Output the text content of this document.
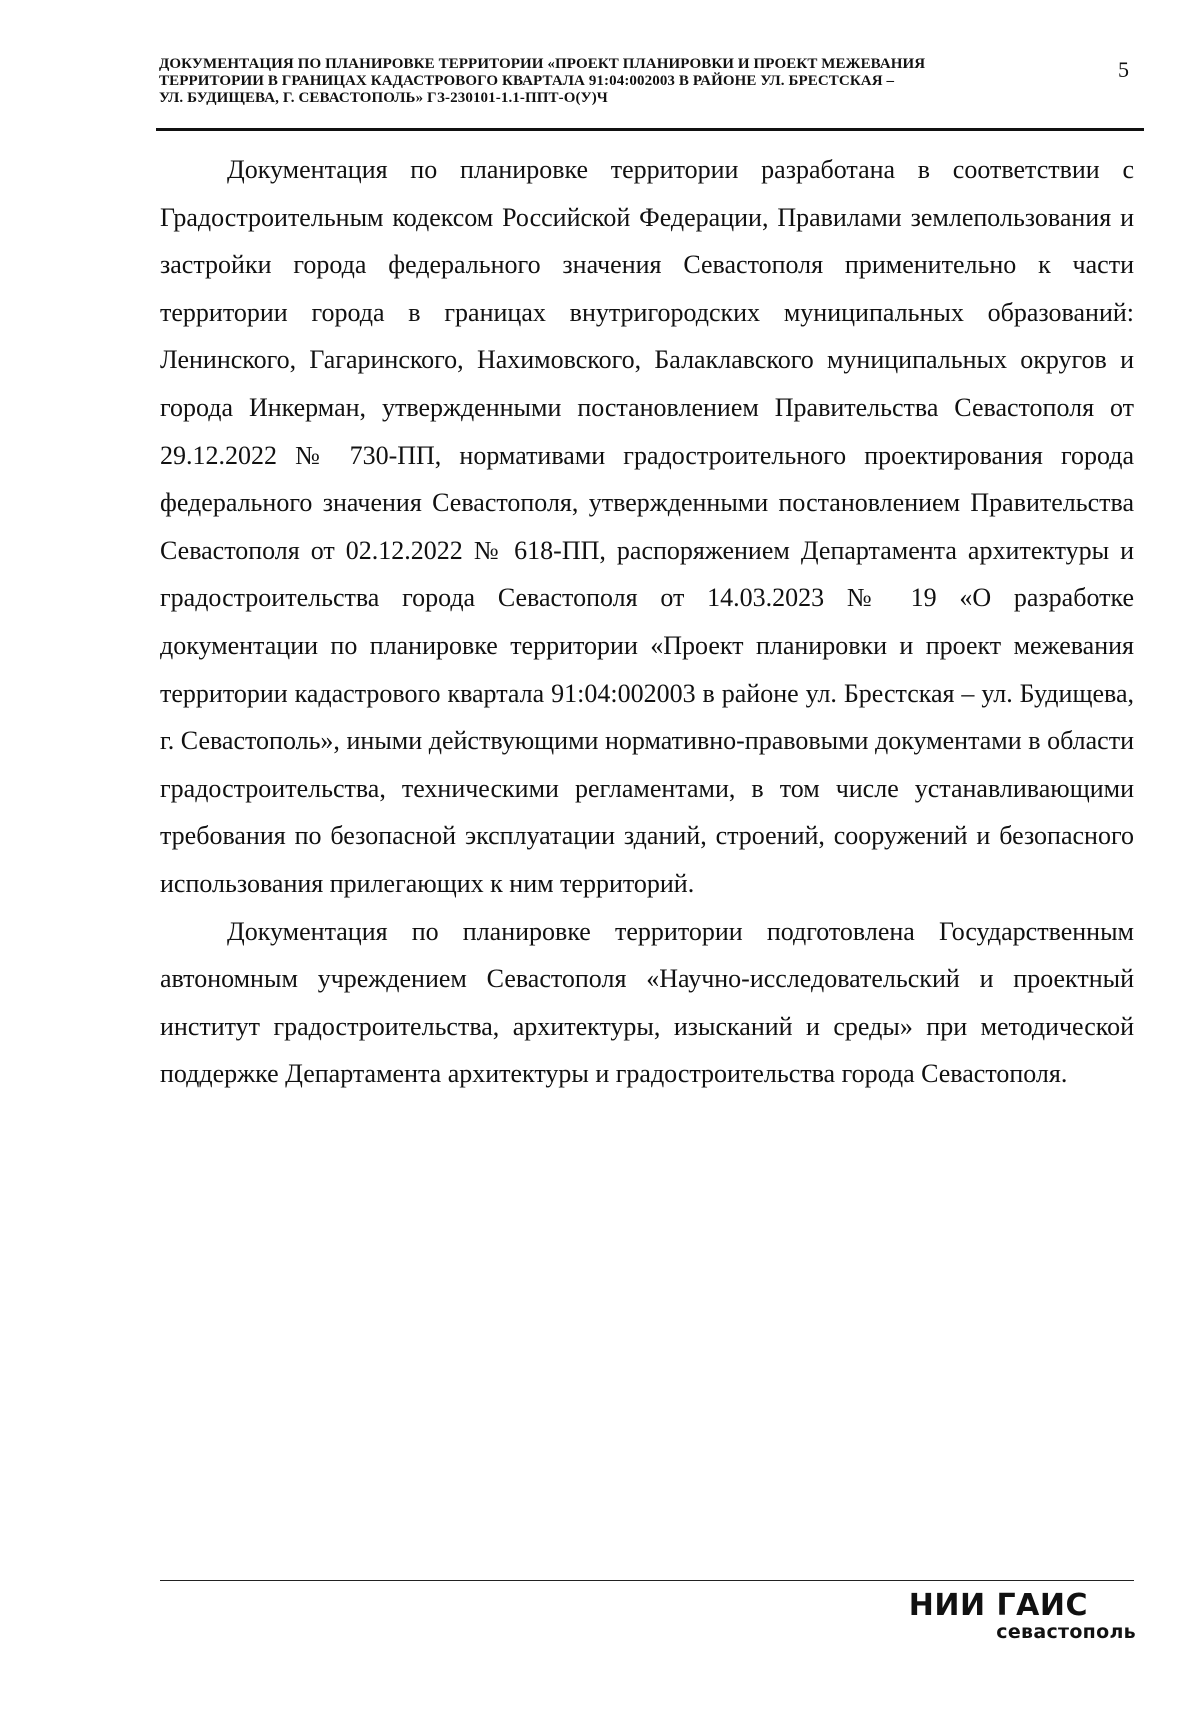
ДОКУМЕНТАЦИЯ ПО ПЛАНИРОВКЕ ТЕРРИТОРИИ «ПРОЕКТ ПЛАНИРОВКИ И ПРОЕКТ МЕЖЕВАНИЯ
ТЕРРИТОРИИ В ГРАНИЦАХ КАДАСТРОВОГО КВАРТАЛА 91:04:002003 В РАЙОНЕ УЛ. БРЕСТСКАЯ –
УЛ. БУДИЩЕВА, Г. СЕВАСТОПОЛЬ» ГЗ-230101-1.1-ППТ-О(У)Ч
5

Документация по планировке территории разработана в соответствии с Градостроительным кодексом Российской Федерации, Правилами землепользования и застройки города федерального значения Севастополя применительно к части территории города в границах внутригородских муниципальных образований: Ленинского, Гагаринского, Нахимовского, Балаклавского муниципальных округов и города Инкерман, утвержденными постановлением Правительства Севастополя от 29.12.2022 № 730-ПП, нормативами градостроительного проектирования города федерального значения Севастополя, утвержденными постановлением Правительства Севастополя от 02.12.2022 № 618-ПП, распоряжением Департамента архитектуры и градостроительства города Севастополя от 14.03.2023 № 19 «О разработке документации по планировке территории «Проект планировки и проект межевания территории кадастрового квартала 91:04:002003 в районе ул. Брестская – ул. Будищева, г. Севастополь», иными действующими нормативно-правовыми документами в области градостроительства, техническими регламентами, в том числе устанавливающими требования по безопасной эксплуатации зданий, строений, сооружений и безопасного использования прилегающих к ним территорий.

Документация по планировке территории подготовлена Государственным автономным учреждением Севастополя «Научно-исследовательский и проектный институт градостроительства, архитектуры, изысканий и среды» при методической поддержке Департамента архитектуры и градостроительства города Севастополя.

НИИ ГАИС
севастополь
